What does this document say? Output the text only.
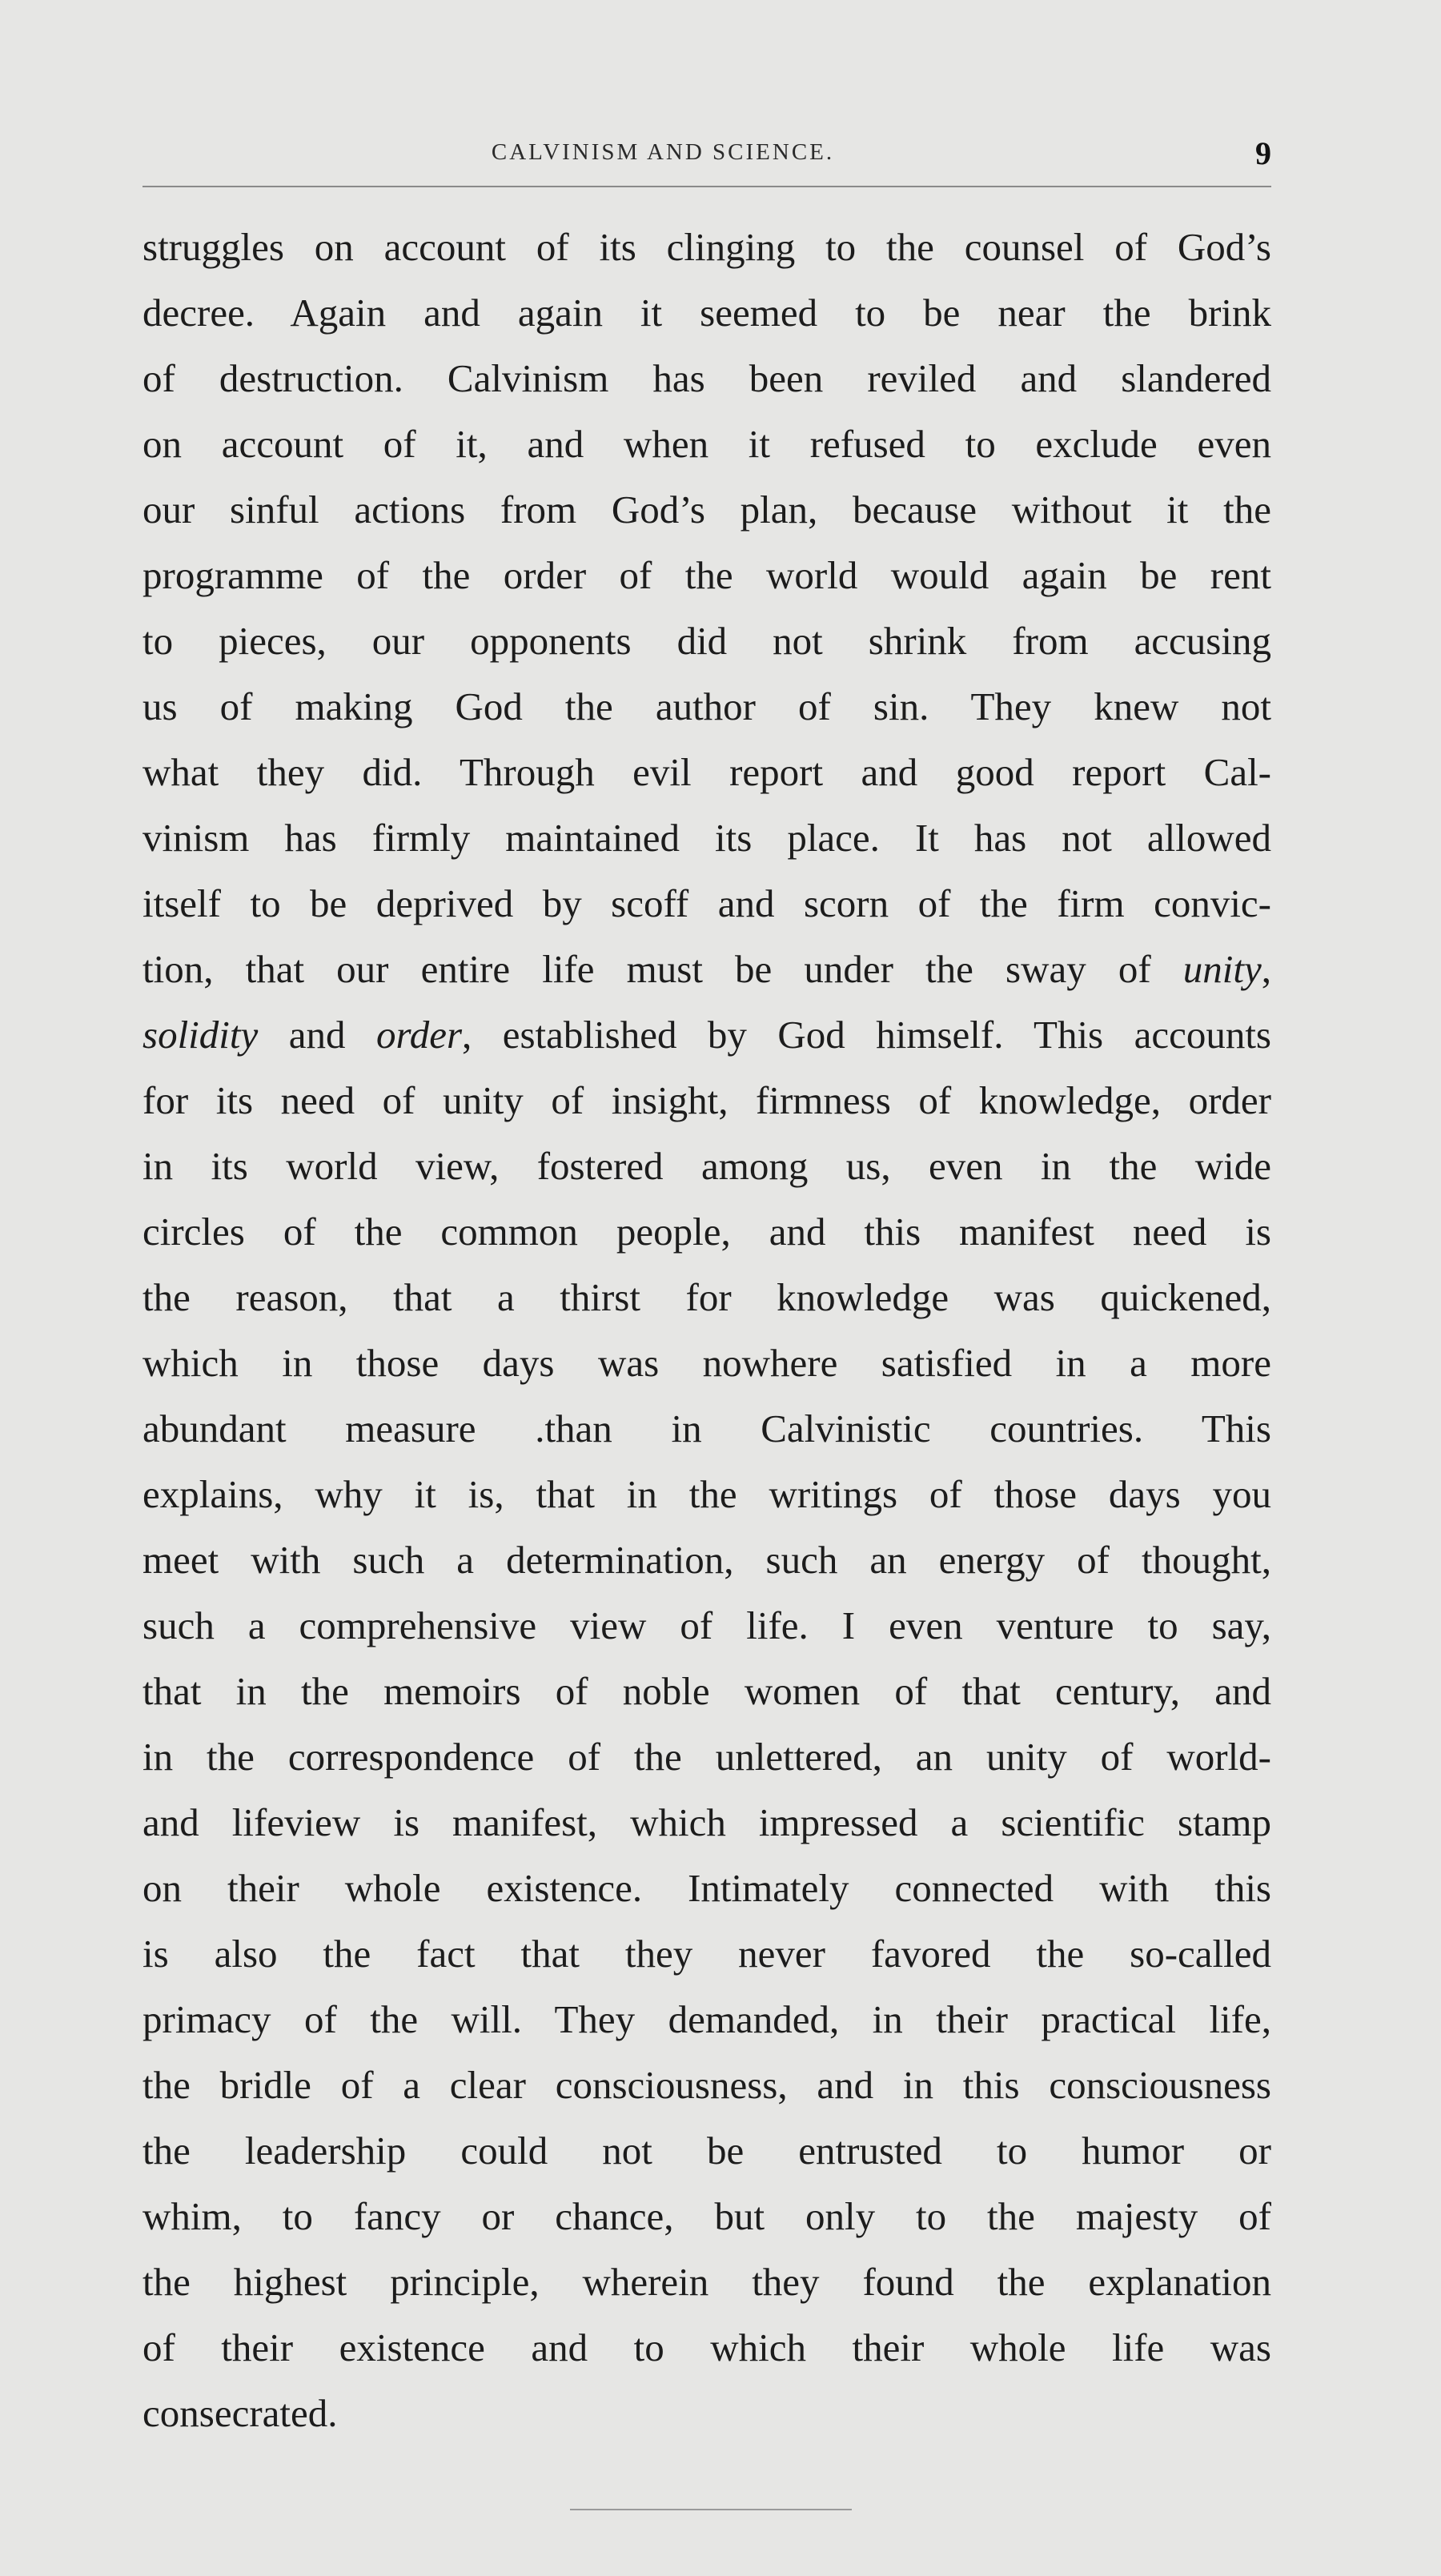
CALVINISM AND SCIENCE.	9
struggles on account of its clinging to the counsel of God’s
decree. Again and again it seemed to be near the brink
of destruction. Calvinism has been reviled and slandered
on account of it, and when it refused to exclude even
our sinful actions from God’s plan, because without it the
programme of the order of the world would again be rent
to pieces, our opponents did not shrink from accusing
us of making God the author of sin. They knew not
what they did. Through evil report and good report Cal-
vinism has firmly maintained its place. It has not allowed
itself to be deprived by scoff and scorn of the firm convic-
tion, that our entire life must be under the sway of unity,
solidity and order, established by God himself. This accounts
for its need of unity of insight, firmness of knowledge, order
in its world view, fostered among us, even in the wide
circles of the common people, and this manifest need is
the reason, that a thirst for knowledge was quickened,
which in those days was nowhere satisfied in a more
abundant measure .than in Calvinistic countries. This
explains, why it is, that in the writings of those days you
meet with such a determination, such an energy of thought,
such a comprehensive view of life. I even venture to say,
that in the memoirs of noble women of that century, and
in the correspondence of the unlettered, an unity of world-
and lifeview is manifest, which impressed a scientific stamp
on their whole existence. Intimately connected with this
is also the fact that they never favored the so-called
primacy of the will. They demanded, in their practical life,
the bridle of a clear consciousness, and in this consciousness
the leadership could not be entrusted to humor or
whim, to fancy or chance, but only to the majesty of
the highest principle, wherein they found the explanation
of their existence and to which their whole life was
consecrated.
